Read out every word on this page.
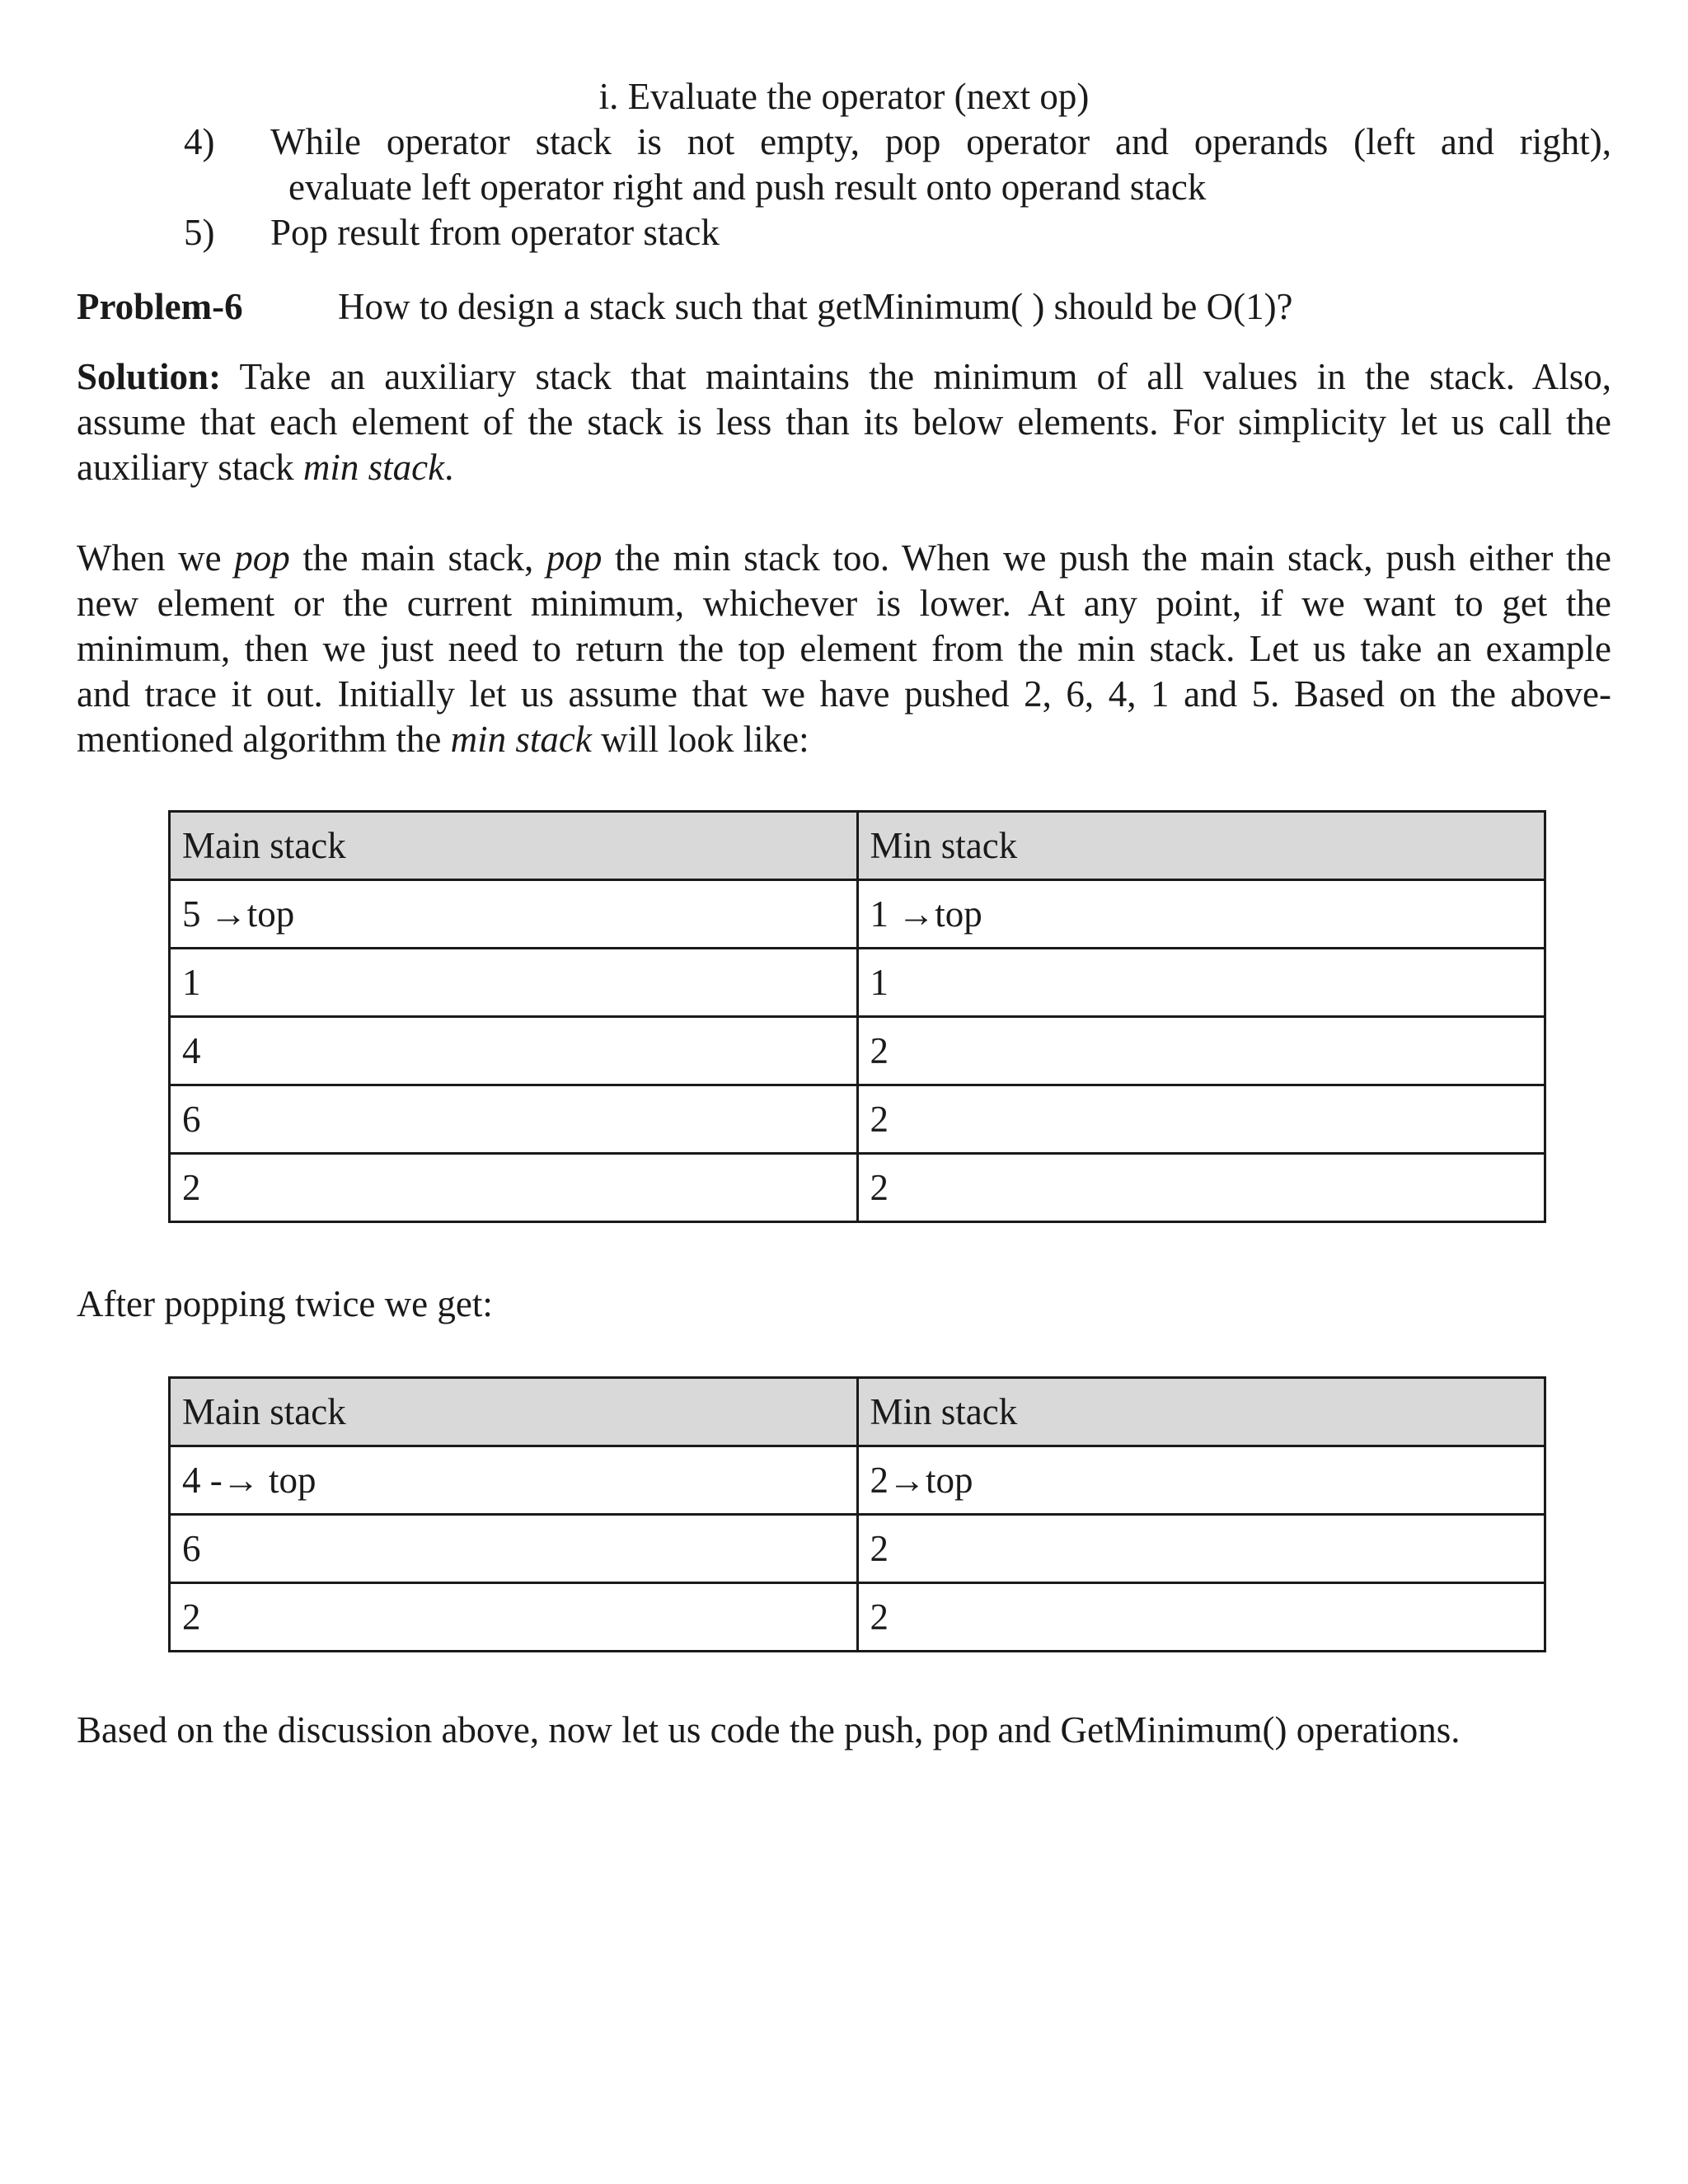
i. Evaluate the operator (next op)
4) While operator stack is not empty, pop operator and operands (left and right),
evaluate left operator right and push result onto operand stack
5) Pop result from operator stack
Problem-6	How to design a stack such that getMinimum( ) should be O(1)?
Solution: Take an auxiliary stack that maintains the minimum of all values in the stack. Also,
assume that each element of the stack is less than its below elements. For simplicity let us call the
auxiliary stack min stack.
When we pop the main stack, pop the min stack too. When we push the main stack, push either the
new element or the current minimum, whichever is lower. At any point, if we want to get the
minimum, then we just need to return the top element from the min stack. Let us take an example
and trace it out. Initially let us assume that we have pushed 2, 6, 4, 1 and 5. Based on the above-
mentioned algorithm the min stack will look like:
Main stack	Min stack
5 →top	1 →top
1	1
4	2
6	2
2	2
After popping twice we get:
Main stack	Min stack
4 -→ top	2→top
6	2
2	2
Based on the discussion above, now let us code the push, pop and GetMinimum() operations.
